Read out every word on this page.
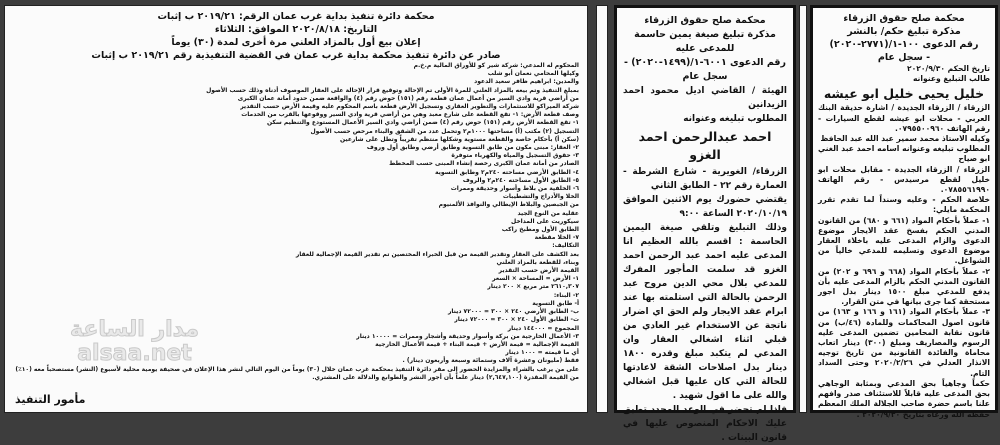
محكمة دائرة تنفيذ بداية غرب عمان الرقم: ٢٠١٩/٢١ ب إثبات
التاريخ: ٢٠٢٠/٨/١٨ الموافق: الثلاثاء
إعلان بيع أول بالمزاد العلني مرة أخرى لمدة (٣٠) يوماً
صادر عن دائرة تنفيذ محكمة بداية غرب عمان في القضية التنفيذية رقم ٢٠١٩/٢١ ب إثبات
المحكوم له المدعي: شركة شير كو للأوراق المالية م.خ.م
وكيلها المحامي نعمان أبو شلب
والمدين: ابراهيم ظافر سعيد الدعود
بمبلغ التنفيذ وتم بيعه بالمزاد العلني للمرة الأولى تم الإحالة وتوقيع قرار الإحالة على العقار الموصوف أدناه وذلك حسب الأصول
من أراضي قرية وادي السير من أعمال عمان قطعة رقم (١٥١) حوض رقم (٤) والواقعة ضمن حدود أمانة عمان الكبرى
شركة الميراكو للاستثمارات والتطوير العقاري وتسجيل الأرض قطعة باسم المحكوم عليه وقيمة الأرض حسب التقدير
وصف قطعة الأرض: ١- تقع القطعة على شارع معبد وهي من أراضي قرية وادي السير ووقوعها بالقرب من الخدمات
١- تقع القطعة الأرض رقم (١٥١) حوض رقم (٤) ضمن أراضي وادي السير الأعمال المستودع والتنظيم سكن
التسجيل (٢) مكتب (أ) مساحتها ١٠٠٠م٢ وتحمل عدد من الشقق والبناء مرخص حسب الأصول
(سكن أ) بأحكام خاصة والقطعة مستوية وشكلها منتظم تقريباً وتطل على شارعين
٢- العقار: مبنى مكون من طابق التسوية وطابق أرضي وطابق أول وروف
٣- حقوق التسجيل والمياه والكهرباء متوفرة
الصادر من أمانة عمان الكبرى رخصة إنشاء المبنى حسب المخطط
٤- الطابق الأرضي مساحته ٢٤٠م٢ وطابق التسوية
٥- الطابق الأول مساحته ٢٤٠م٢ والروف
٦- الخلفية من بلاط وأسوار وحديقة وممرات
الخلا والأدراج والتشطيبات
من الجبصين والبلاط الإيطالي والنوافذ الألمنيوم
عقلية من النوع الجيد
سيكوريت على المداخل
الطابق الأول ومطبخ راكب
٧- الخلا مقطعة
التكاليف:
بعد الكشف على العقار وتقدير القيمة من قبل الخبراء المختصين تم تقدير القيمة الإجمالية للعقار
وبناء، للقطعة بالمزاد العلني
القيمة الأرض حسب التقدير
١- الأرض = المساحة × السعر
٢٦١٠,٣٠٧ متر مربع × ٢٠٠ دينار
٢- البناء:
أ- طابق التسوية
ب- الطابق الأرضي ٢٤٠ × ٣٠٠ = ٧٢٠٠٠ دينار
ت- الطابق الأول ٢٤٠ × ٣٠٠ = ٧٢٠٠٠ دينار
المجموع = ١٤٤٠٠٠ دينار
٣- الأعمال الخارجية من بركة وأسوار وحديقة وأشجار وممرات = ١٠٠٠٠ دينار
القيمة الإجمالية = قيمة الأرض + قيمة البناء + قيمة الأعمال الخارجية
أي ما قيمته = ١٠٠٠ دينار
فقط (مليونان وعشرة آلاف وستمائة وسبعة وأربعون دينار) .
على من يرغب بالشراء والمزايدة الحضور إلى مقر دائرة التنفيذ بمحكمة غرب عمان خلال (٣٠) يوماً من اليوم التالي لنشر هذا الإعلان في صحيفة يومية محلية لأسبوع (النشر) مستصحباً معه (١٠٪)
من القيمة المقدرة (٢,٦٤٧,١٠٠) دينار علماً بأن أجور النشر والطوابع والدلالة على المشتري.
مأمور التنفيذ
محكمة صلح حقوق الزرقاء
مذكرة تبليغ صيغة يمين حاسمة للمدعى عليه
رقم الدعوى ٦٠٠١-١/(١٤٩٩-٢٠٢٠) -
سجل عام

الهيئة / القاضي اديل محمود احمد الزيدانين

المطلوب تبليغه وعنوانه

احمد عبدالرحمن احمد الغزو

الزرقاء/ الغويرية - شارع الشرطة - العمارة رقم ٢٢ - الطابق الثاني

يقتضي حضورك يوم الاثنين الموافق ٢٠٢٠/١٠/١٩ الساعة ٩:٠٠

وذلك التبليغ وتلقي صيغة اليمين الحاسمة : اقسم بالله العظيم انا المدعى عليه احمد عبد الرحمن احمد الغزو قد سلمت المأجور المفرك للمدعي بلال محي الدين مروح عبد الرحمن بالحالة التي استلمته بها عند ابرام عقد الايجار ولم الحق اي اضرار ناتجة عن الاستخدام غير العادي من قبلي اثناء اشغالي العقار وان المدعي لم يتكبد مبلغ وقدره ١٨٠٠ دينار بدل اصلاحات الشقة لاعادتها للحالة التي كان عليها قبل اشغالي والله على ما اقول شهيد .

فاذا لم تحضر في الوعد المحدد تطبق عليك الاحكام المنصوص عليها في قانون البينات .

محكمة صلح حقوق الزرقاء
مذكرة تبليغ حكم/ بالنشر
رقم الدعوى ١٠٠-١/(٢٧٧١-٢٠٢٠)
- سجل عام

تاريخ الحكم ٢٠٢٠/٩/٣٠

طالب التبليغ وعنوانه

خليل يحيى خليل ابو عيشه

الزرقاء / الزرقاء الجديدة / اشارة حديقة البنك العربي - محلات ابو عيشه لقطع السيارات - رقم الهاتف ٠٧٩٥٥٠٠٩٦٠.

وكيله الاستاذ محمد سمير عبد الله عبد الحافظ

المطلوب تبليغه وعنوانه اسامه احمد عبد الغني ابو صياح

الزرقاء / الزرقاء الجديدة - مقابل محلات ابو خليل لقطع مرسيدس - رقم الهاتف ٠٧٨٥٥٦١٩٩٠.

خلاصة الحكم - وعليه وسنداً لما تقدم تقرر المحكمة مايلي:

١- عملاً بأحكام المواد (٦٦١ و ٦٨٠) من القانون المدني الحكم بفسخ عقد الايجار موضوع الدعوى والزام المدعى عليه باخلاء العقار موضوع الدعوى وتسليمه للمدعي خالياً من الشواغل.

٢- عملاً بأحكام المواد (٦٦٨ و ٦٩٦ و ٢٠٢) من القانون المدني الحكم بالزام المدعى عليه بأن يدفع للمدعي مبلغ ١٥٠٠ دينار بدل اجور مستحقة كما جرى بيانها في متن القرار.

٣- عملاً بأحكام المواد (١٦١ و ١٦٦ و ١٦٣) من قانون اصول المحاكمات وللمادة (٤٦/ب) من قانون نقابة المحامين تضمين المدعى عليه الرسوم والمصاريف ومبلغ (٣٠٠) دينار اتعاب محاماة والفائدة القانونية من تاريخ توجيه الانذار العدلي في ٢٠٢٠/٢/٢٦ وحتى السداد التام.

حكماً وجاهياً بحق المدعي وبمثابة الوجاهي بحق المدعى عليه قابلاً للاستئناف صدر وافهم علنا باسم حضرة صاحب الجلالة الملك المعظم حفظه الله ورعاه بتاريخ ٢٠٢٠/٩/٣٠ .

مدار الساعة
alsaa.net
